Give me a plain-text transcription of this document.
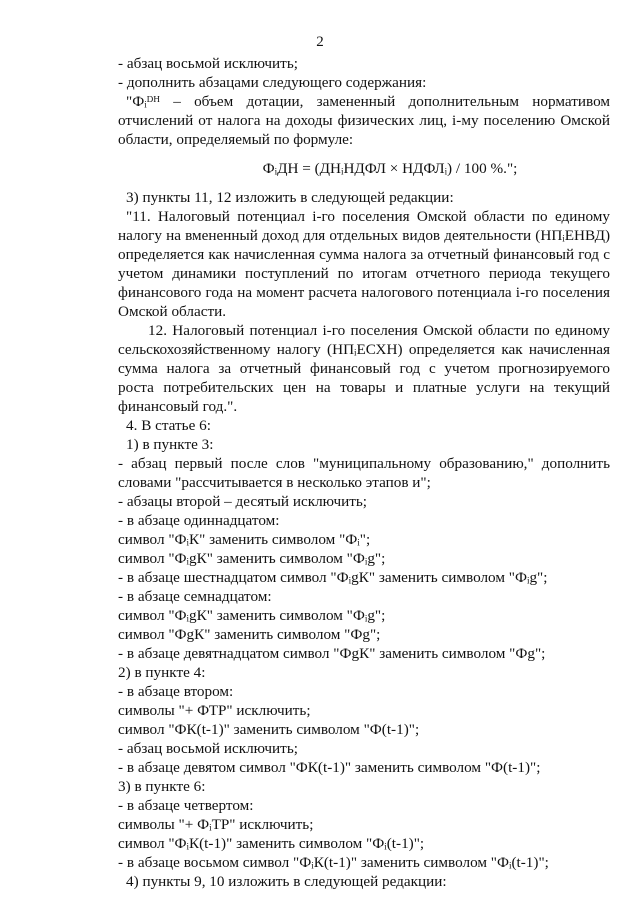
2

- абзац восьмой исключить;

- дополнить абзацами следующего содержания:

"Фᵢᴰᴴ – объем дотации, замененный дополнительным нормативом отчислений от налога на доходы физических лиц, i-му поселению Омской области, определяемый по формуле:

ФᵢДН = (ДНᵢНДФЛ × НДФЛᵢ) / 100 %.";

3) пункты 11, 12 изложить в следующей редакции:

"11. Налоговый потенциал i-го поселения Омской области по единому налогу на вмененный доход для отдельных видов деятельности (НПᵢЕНВД) определяется как начисленная сумма налога за отчетный финансовый год с учетом динамики поступлений по итогам отчетного периода текущего финансового года на момент расчета налогового потенциала i-го поселения Омской области.

12. Налоговый потенциал i-го поселения Омской области по единому сельскохозяйственному налогу (НПᵢЕСХН) определяется как начисленная сумма налога за отчетный финансовый год с учетом прогнозируемого роста потребительских цен на товары и платные услуги на текущий финансовый год.".

4. В статье 6:

1) в пункте 3:

- абзац первый после слов "муниципальному образованию," дополнить словами "рассчитывается в несколько этапов и";

- абзацы второй – десятый исключить;

- в абзаце одиннадцатом:

символ "ФᵢК" заменить символом "Фᵢ";

символ "ФᵢgК" заменить символом "Фᵢg";

- в абзаце шестнадцатом символ "ФᵢgК" заменить символом "Фᵢg";

- в абзаце семнадцатом:

символ "ФᵢgК" заменить символом "Фᵢg";

символ "ФgК" заменить символом "Фg";

- в абзаце девятнадцатом символ "ФgК" заменить символом "Фg";

2) в пункте 4:

- в абзаце втором:

символы "+ ФТР" исключить;

символ "ФК(t-1)" заменить символом "Ф(t-1)";

- абзац восьмой исключить;

- в абзаце девятом символ "ФК(t-1)" заменить символом "Ф(t-1)";

3) в пункте 6:

- в абзаце четвертом:

символы "+ ФᵢТР" исключить;

символ "ФᵢК(t-1)" заменить символом "Фᵢ(t-1)";

- в абзаце восьмом символ "ФᵢК(t-1)" заменить символом "Фᵢ(t-1)";

4) пункты 9, 10 изложить в следующей редакции:
